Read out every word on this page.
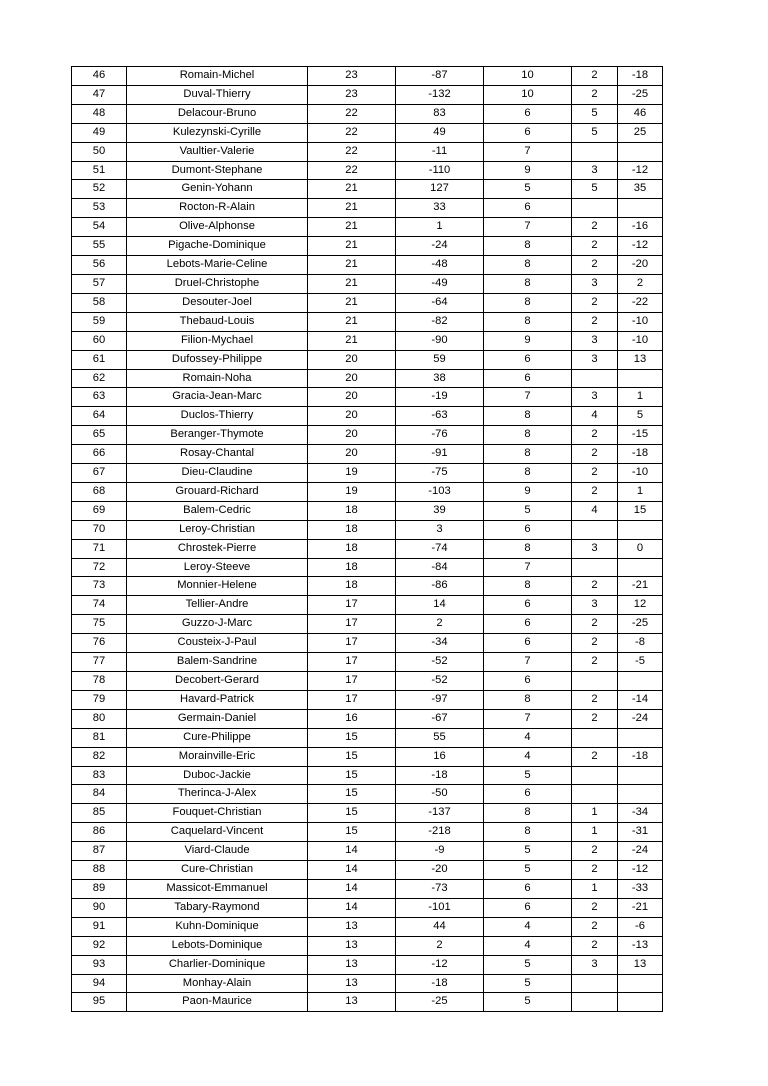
46	Romain-Michel	23	-87	10	2	-18
47	Duval-Thierry	23	-132	10	2	-25
48	Delacour-Bruno	22	83	6	5	46
49	Kulezynski-Cyrille	22	49	6	5	25
50	Vaultier-Valerie	22	-11	7		
51	Dumont-Stephane	22	-110	9	3	-12
52	Genin-Yohann	21	127	5	5	35
53	Rocton-R-Alain	21	33	6		
54	Olive-Alphonse	21	1	7	2	-16
55	Pigache-Dominique	21	-24	8	2	-12
56	Lebots-Marie-Celine	21	-48	8	2	-20
57	Druel-Christophe	21	-49	8	3	2
58	Desouter-Joel	21	-64	8	2	-22
59	Thebaud-Louis	21	-82	8	2	-10
60	Filion-Mychael	21	-90	9	3	-10
61	Dufossey-Philippe	20	59	6	3	13
62	Romain-Noha	20	38	6		
63	Gracia-Jean-Marc	20	-19	7	3	1
64	Duclos-Thierry	20	-63	8	4	5
65	Beranger-Thymote	20	-76	8	2	-15
66	Rosay-Chantal	20	-91	8	2	-18
67	Dieu-Claudine	19	-75	8	2	-10
68	Grouard-Richard	19	-103	9	2	1
69	Balem-Cedric	18	39	5	4	15
70	Leroy-Christian	18	3	6		
71	Chrostek-Pierre	18	-74	8	3	0
72	Leroy-Steeve	18	-84	7		
73	Monnier-Helene	18	-86	8	2	-21
74	Tellier-Andre	17	14	6	3	12
75	Guzzo-J-Marc	17	2	6	2	-25
76	Cousteix-J-Paul	17	-34	6	2	-8
77	Balem-Sandrine	17	-52	7	2	-5
78	Decobert-Gerard	17	-52	6		
79	Havard-Patrick	17	-97	8	2	-14
80	Germain-Daniel	16	-67	7	2	-24
81	Cure-Philippe	15	55	4		
82	Morainville-Eric	15	16	4	2	-18
83	Duboc-Jackie	15	-18	5		
84	Therinca-J-Alex	15	-50	6		
85	Fouquet-Christian	15	-137	8	1	-34
86	Caquelard-Vincent	15	-218	8	1	-31
87	Viard-Claude	14	-9	5	2	-24
88	Cure-Christian	14	-20	5	2	-12
89	Massicot-Emmanuel	14	-73	6	1	-33
90	Tabary-Raymond	14	-101	6	2	-21
91	Kuhn-Dominique	13	44	4	2	-6
92	Lebots-Dominique	13	2	4	2	-13
93	Charlier-Dominique	13	-12	5	3	13
94	Monhay-Alain	13	-18	5		
95	Paon-Maurice	13	-25	5		
